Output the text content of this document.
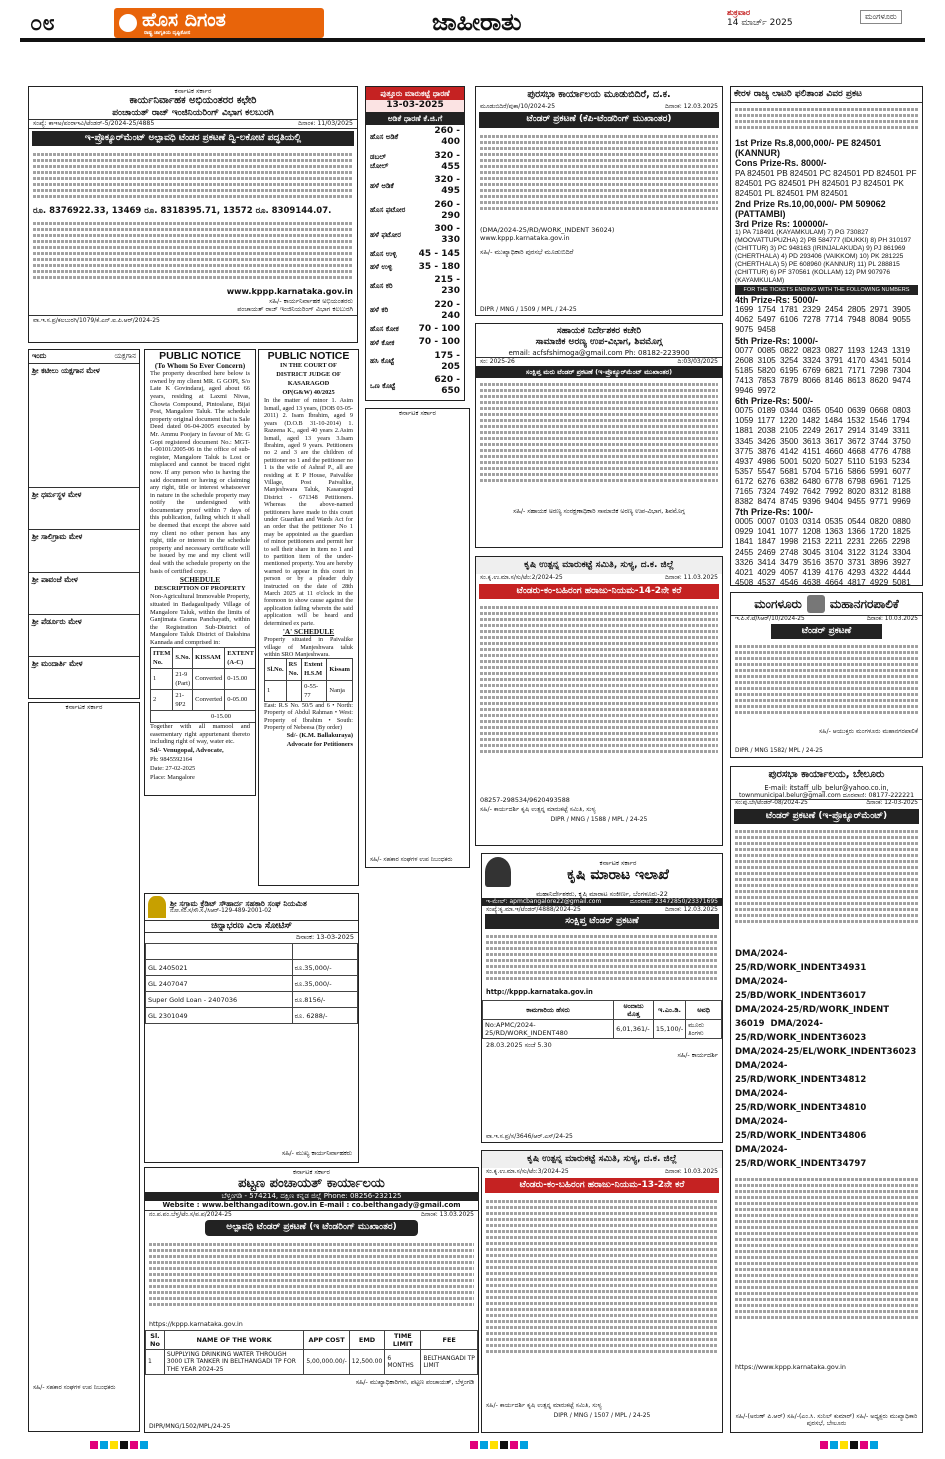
೦೮	ಹೊಸ ದಿಗಂತ
ರಾಷ್ಟ್ರ ಜಾಗೃತಿಯ ದೃಷ್ಟಿಕೋನ	ಜಾಹೀರಾತು	ಶುಕ್ರವಾರ
14 ಮಾರ್ಚ್ 2025
ಮಂಗಳೂರು
ಕರ್ನಾಟಕ ಸರ್ಕಾರ
ಕಾರ್ಯನಿರ್ವಾಹಕ ಅಭಿಯಂತರರ ಕಛೇರಿ
ಪಂಚಾಯತ್ ರಾಜ್ ಇಂಜಿನಿಯರಿಂಗ್ ವಿಭಾಗ ಕಲಬುರಗಿ
ಸಂಖ್ಯೆ: ಕಾಇಅ/ಪಂರಾಇವಿ/ಟೆಂಡರ್-5/2024-25/4885	ದಿನಾಂಕ: 11/03/2025
ಇ-ಪ್ರೊಕ್ಯೂರ್‌ಮೆಂಟ್ ಅಲ್ಪಾವಧಿ ಟೆಂಡರ ಪ್ರಕಟಣೆ ದ್ವಿ-ಲಕೋಟೆ ಪದ್ಧತಿಯಲ್ಲಿ
ರೂ. 8376922.33, 13469 ರೂ. 8318395.71, 13572 ರೂ. 8309144.07.
www.kppp.karnataka.gov.in
ಸಹಿ/- ಕಾರ್ಯನಿರ್ವಾಹಕ ಅಭಿಯಂತರರು
ಪಂಚಾಯತ್ ರಾಜ್ ಇಂಜಿನಿಯರಿಂಗ್ ವಿಭಾಗ ಕಲಬುರಗಿ
ವಾ.ಇ.ಸ.ಪ್ರ/ಕಲಬುರಗಿ/1079/ಕೆ.ಎನ್.ಐ.ಪಿ.ಆರ್/2024-25
ಪುತ್ತೂರು ಮಾರುಕಟ್ಟೆ ಧಾರಣೆ
13-03-2025
ಅಡಿಕೆ ಧಾರಣೆ ಕೆ.ಜಿ.ಗೆ
ಹೊಸ ಅಡಿಕೆ	260 - 400
ಡಬಲ್ ಚೋಲ್	320 - 455
ಹಳೆ ಅಡಿಕೆ	320 - 495
ಹೊಸ ಫಟೋರ	260 - 290
ಹಳೆ ಫಟೋರ	300 - 330
ಹೊಸ ಉಳ್ಳಿ	45 - 145
ಹಳೆ ಉಳ್ಳಿ	35 - 180
ಹೊಸ ಕರಿ	215 - 230
ಹಳೆ ಕರಿ	220 - 240
ಹೊಸ ಕೋಕ	70 - 100
ಹಳೆ ಕೋಕ	70 - 100
ಹಸಿ ಕೊಟ್ಟೆ	175 - 205
ಒಣ ಕೊಟ್ಟೆ	620 - 650

ಪುರಸಭಾ ಕಾರ್ಯಾಲಯ ಮೂಡುಬಿದಿರೆ, ದ.ಕ.
ಮೂಡುಬಿದಿರೆ/ಪುಕಾ/10/2024-25	ದಿನಾಂಕ: 12.03.2025
ಟೆಂಡರ್ ಪ್ರಕಟಣೆ (ಕೆಪಿ-ಟೆಂಡರಿಂಗ್ ಮುಖಾಂತರ)
(DMA/2024-25/RD/WORK_INDENT 36024)
www.kppp.karnataka.gov.in
ಸಹಿ/- ಮುಖ್ಯಾಧಿಕಾರಿ ಪುರಸಭೆ ಮೂಡುಬಿದಿರೆ
DIPR / MNG / 1509 / MPL / 24-25
ಕೇರಳ ರಾಜ್ಯ ಲಾಟರಿ ಫಲಿತಾಂಶ ವಿವರ ಪ್ರಕಟ
1st Prize Rs.8,000,000/- PE 824501 (KANNUR)
Cons Prize-Rs. 8000/-
PA 824501 PB 824501 PC 824501 PD 824501 PF 824501 PG 824501 PH 824501 PJ 824501 PK 824501 PL 824501 PM 824501
2nd Prize Rs.10,00,000/- PM 509062 (PATTAMBI)
3rd Prize Rs: 100000/-
1) PA 718491 (KAYAMKULAM) 7) PG 730827 (MOOVATTUPUZHA) 2) PB 584777 (IDUKKI) 8) PH 310197 (CHITTUR) 3) PC 948163 (IRINJALAKUDA) 9) PJ 861969 (CHERTHALA) 4) PD 293406 (VAIKKOM) 10) PK 281225 (CHERTHALA) 5) PE 608960 (KANNUR) 11) PL 288815 (CHITTUR) 6) PF 370561 (KOLLAM) 12) PM 907976 (KAYAMKULAM)
FOR THE TICKETS ENDING WITH THE FOLLOWING NUMBERS
4th Prize-Rs: 5000/-
1699 1754 1781 2329 2454 2805 2971 3905 4062 5497 6106 7278 7714 7948 8084 9055 9075 9458
5th Prize-Rs: 1000/-
0077 0085 0822 0823 0827 1193 1243 1319 2608 3105 3254 3324 3791 4170 4341 5014 5185 5820 6195 6769 6821 7171 7298 7304 7413 7853 7879 8066 8146 8613 8620 9474 9946 9972
6th Prize-Rs: 500/-
0075 0189 0344 0365 0540 0639 0668 0803 1059 1177 1220 1482 1484 1532 1546 1794 1881 2038 2105 2249 2617 2914 3149 3311 3345 3426 3500 3613 3617 3672 3744 3750 3775 3876 4142 4151 4660 4668 4776 4788 4937 4986 5001 5020 5027 5110 5193 5234 5357 5547 5681 5704 5716 5866 5991 6077 6172 6276 6382 6480 6778 6798 6961 7125 7165 7324 7492 7642 7992 8020 8312 8188 8382 8474 8745 9396 9404 9455 9771 9969
7th Prize-Rs: 100/-
0005 0007 0103 0314 0535 0544 0820 0880 0929 1041 1077 1208 1363 1366 1720 1825 1841 1847 1998 2153 2211 2231 2265 2298 2455 2469 2748 3045 3104 3122 3124 3304 3326 3414 3479 3516 3570 3731 3896 3927 4021 4029 4057 4139 4176 4293 4322 4444 4508 4537 4546 4638 4664 4817 4929 5081
ಇಂದು	ಯಕ್ಷಗಾನ
ಶ್ರೀ ಕಟೀಲು ಯಕ್ಷಗಾನ ಮೇಳ
ಶ್ರೀ ಧರ್ಮಸ್ಥಳ ಮೇಳ
ಶ್ರೀ ಸಾಲಿಗ್ರಾಮ ಮೇಳ
ಶ್ರೀ ಪಾವಂಜೆ ಮೇಳ
ಶ್ರೀ ಪೆರ್ಡೂರು ಮೇಳ
ಶ್ರೀ ಮಂದಾರ್ತಿ ಮೇಳ
PUBLIC NOTICE
(To Whom So Ever Concern)
The property described here below is owned by my client MR. G GOPI, S/o Late K Govindaraj, aged about 66 years, residing at Laxmi Nivas, Chowta Compound, Pintoslane, Bijai Post, Mangalore Taluk. The schedule property original document that is Sale Deed dated 06-04-2005 executed by Mr. Ammu Poojary in favour of Mr. G Gopi registered document No.: MGT-1-00101/2005-06 in the office of sub-register, Mangalore Taluk is Lost or misplaced and cannot be traced right now. If any person who is having the said document or having or claiming any right, title or interest whatsoever in nature in the schedule property may notify the undersigned with documentary proof within 7 days of this publication, failing which it shall be deemed that except the above said my client no other person has any right, title or interest in the schedule property and necessary certificate will be issued by me and my client will deal with the schedule property on the basis of certified copy.
SCHEDULE
DESCRIPTION OF PROPERTY
Non-Agricultural Immovable Property, situated in Badagaulipady Village of Mangalore Taluk, within the limits of Ganjimata Grama Panchayath, within the Registration Sub-District of Mangalore Taluk District of Dakshina Kannada and comprised in:
ITEM No.	S.No.	KISSAM	EXTENT (A-C)	
1	21-9 (Part)	Converted	0-15.00	
2	21-9P2	Converted	0-05.00	
0-15.00				
Together with all mamool and easementary right appurtenant thereto including right of way, water etc.
Sd/- Venugopal, Advocate,
Ph: 9845592164
Date: 27-02-2025
Place: Mangalore
PUBLIC NOTICE
IN THE COURT OF DISTRICT JUDGE OF KASARAGOD
OP(G&W) 40/2025
In the matter of minor 1. Asim Ismail, aged 13 years, (DOB 03-05-2011) 2. Isam Ibrahim, aged 9 years (D.O.B 31-10-2014) 1. Razeena K., aged 40 years 2.Asim Ismail, aged 13 years 3.Isam Ibrahim, aged 9 years. Petitioners no 2 and 3 are the children of petitioner no 1 and the petitioner no 1 is the wife of Ashraf P., all are residing at E P House, Paivalike Village, Post Paivalike, Manjeshwara Taluk, Kasaragod District - 671348 Petitioners. Whereas the above-named petitioners have made to this court under Guardian and Wards Act for an order that the petitioner No 1 may be appointed as the guardian of minor petitioners and permit her to sell their share in item no 1 and to partition item of the under-mentioned property. You are hereby warned to appear in this court in person or by a pleader duly instructed on the date of 28th March 2025 at 11 o'clock in the forenoon to show cause against the application failing wherein the said application will be heard and determined ex parte.
'A' SCHEDULE
Property situated in Paivalike village of Manjeshwara taluk within SRO Manjeshwara.
Sl.No.	RS No.	Extent H.S.M	Kissam
1		0-55-77	Nanja
East: R.S No. 50/5 and 6 • North: Property of Abdul Rahman • West: Property of Ibrahim • South: Property of Nebeesa (By order)
Sd/- (K.M. Ballakuraya) Advocate for Petitioners
ಕರ್ನಾಟಕ ಸರ್ಕಾರ
ಸಹಿ/- ಸಹಕಾರ ಸಂಘಗಳ ಉಪ ನಿಬಂಧಕರು
ಕರ್ನಾಟಕ ಸರ್ಕಾರ
ಸಹಿ/- ಸಹಕಾರ ಸಂಘಗಳ ಉಪ ನಿಬಂಧಕರು
ಸಹಾಯಕ ನಿರ್ದೇಶಕರ ಕಚೇರಿ
ಸಾಮಾಜಿಕ ಅರಣ್ಯ ಉಪ-ವಿಭಾಗ, ಶಿವಮೊಗ್ಗ
email: acfsfshimoga@gmail.com Ph: 08182-223900
ಸಂ: 2025-26	ದಿ:03/03/2025
ಸಂಕ್ಷಿಪ್ತ ಮರು ಟೆಂಡರ್ ಪ್ರಕಟಣೆ (ಇ-ಪ್ರೊಕ್ಯೂರ್‌ಮೆಂಟ್ ಮುಖಾಂತರ)
ಸಹಿ/- ಸಹಾಯಕ ಅರಣ್ಯ ಸಂರಕ್ಷಣಾಧಿಕಾರಿ ಸಾಮಾಜಿಕ ಅರಣ್ಯ ಉಪ-ವಿಭಾಗ, ಶಿವಮೊಗ್ಗ
ಕೃಷಿ ಉತ್ಪನ್ನ ಮಾರುಕಟ್ಟೆ ಸಮಿತಿ, ಸುಳ್ಯ, ದ.ಕ. ಜಿಲ್ಲೆ
ಸಂ.ಕೃ.ಉ.ಮಾ.ಸ/ಸು/ಟೆಂ:2/2024-25	ದಿನಾಂಕ: 11.03.2025
ಟೆಂಡರು-ಕಂ-ಬಹಿರಂಗ ಹರಾಜು-ನಿಯಮ-14-2ನೇ ಕರೆ
08257-298534/9620493588
ಸಹಿ/- ಕಾರ್ಯದರ್ಶಿ ಕೃಷಿ ಉತ್ಪನ್ನ ಮಾರುಕಟ್ಟೆ ಸಮಿತಿ, ಸುಳ್ಯ
DIPR / MNG / 1588 / MPL / 24-25
ಶ್ರೀ ಸಗ್ರಾಮ ಕ್ರೆಡಿಟ್ ಸೌಹಾರ್ದ ಸಹಕಾರಿ ಸಂಘ ನಿಯಮಿತ
ನೋ.ಸಂ.ಸ/ಸೌ.ಸ./ಸಿಆರ್-129-489-2001-02
ಚಿನ್ನಾಭರಣ ವಿಲಾ ಸೋಟಿಸ್
ದಿನಾಂಕ: 13-03-2025

GL 2405021	ರೂ.35,000/-
GL 2407047	ರೂ.35,000/-
Super Gold Loan - 2407036	ರೂ.8156/-
GL 2301049	ರೂ. 6288/-
ಸಹಿ/- ಮುಖ್ಯ ಕಾರ್ಯನಿರ್ವಾಹಕರು
ಕರ್ನಾಟಕ ಸರ್ಕಾರ
ಪಟ್ಟಣ ಪಂಚಾಯತ್ ಕಾರ್ಯಾಲಯ
ಬೆಳ್ತಂಗಡಿ - 574214, ದಕ್ಷಿಣ ಕನ್ನಡ ಜಿಲ್ಲೆ Phone: 08256-232125
Website : www.belthangaditown.gov.in E-mail : co.belthangady@gmail.com
ನಂ.ಪ.ಪಂ.ಬೆಳ್ತ/ಟೆಂ.ಸ/ಪ.ಪ/2024-25	ದಿನಾಂಕ: 13.03.2025
ಅಲ್ಪಾವಧಿ ಟೆಂಡರ್ ಪ್ರಕಟಣೆ (ಇ ಟೆಂಡರಿಂಗ್ ಮುಖಾಂತರ)
https://kppp.karnataka.gov.in
Sl. No	NAME OF THE WORK	APP COST	EMD	TIME LIMIT	FEE
1	SUPPLYING DRINKING WATER THROUGH 3000 LTR TANKER IN BELTHANGADI TP FOR THE YEAR 2024-25	5,00,000.00/-	12,500.00	6 MONTHS	BELTHANGADI TP LIMIT
ಸಹಿ/- ಮುಖ್ಯಾಧಿಕಾರಿಗಳು, ಪಟ್ಟಣ ಪಂಚಾಯತ್, ಬೆಳ್ತಂಗಡಿ
DIPR/MNG/1502/MPL/24-25
ಕರ್ನಾಟಕ ಸರ್ಕಾರ
ಕೃಷಿ ಮಾರಾಟ ಇಲಾಖೆ
ಮಹಾನಿರ್ದೇಶಕರು, ಕೃಷಿ ಮಾರಾಟ ಸಂಕೀರ್ಣ, ಬೆಂಗಳೂರು-22
ಇ-ಮೇಲ್: apmcbangalore22@gmail.com	ದೂರವಾಣಿ: 23472850/23371695
ಸಂಖ್ಯೆ:ಕೃ.ಮಾ.ಇ/ಟೆಂಡ‌ರ್/4888/2024-25	ದಿನಾಂಕ: 12.03.2025
ಸಂಕ್ಷಿಪ್ತ ಟೆಂಡರ್ ಪ್ರಕಟಣೆ
http://kppp.karnataka.gov.in
ಕಾಮಗಾರಿಯ ಹೆಸರು	ಅಂದಾಜು ಮೊತ್ತ	ಇ.ಎಂ.ಡಿ.	ಅವಧಿ
No:APMC/2024-25/RD/WORK_INDENT480	6,01,361/-	15,100/-	ಮೂರು ತಿಂಗಳು
28.03.2025 ಸಂಜೆ 5.30
ಸಹಿ/- ಕಾರ್ಯದರ್ಶಿ
ವಾ.ಇ.ಸ.ಪ್ರ/ಸ/3646/ಆರ್.ಎಸ್/24-25
ಕೃಷಿ ಉತ್ಪನ್ನ ಮಾರುಕಟ್ಟೆ ಸಮಿತಿ, ಸುಳ್ಯ, ದ.ಕ. ಜಿಲ್ಲೆ
ಸಂ.ಕೃ.ಉ.ಮಾ.ಸ/ಸು/ಟೆಂ:3/2024-25	ದಿನಾಂಕ: 10.03.2025
ಟೆಂಡರು-ಕಂ-ಬಹಿರಂಗ ಹರಾಜು-ನಿಯಮ-13-2ನೇ ಕರೆ
ಸಹಿ/- ಕಾರ್ಯದರ್ಶಿ ಕೃಷಿ ಉತ್ಪನ್ನ ಮಾರುಕಟ್ಟೆ ಸಮಿತಿ, ಸುಳ್ಯ
DIPR / MNG / 1507 / MPL / 24-25
ಮಂಗಳೂರು ಮಹಾನಗರಪಾಲಿಕೆ
ಇ.ಪಿ.ಸೆ.ಟೆ/ಸಿಆರ್/10/2024-25	ದಿನಾಂಕ: 10.03.2025
ಟೆಂಡರ್ ಪ್ರಕಟಣೆ
ಸಹಿ/- ಆಯುಕ್ತರು ಮಂಗಳೂರು ಮಹಾನಗರಪಾಲಿಕೆ
DIPR / MNG 1582/ MPL / 24-25
ಪುರಸಭಾ ಕಾರ್ಯಾಲಯ, ಬೇಲೂರು
E-mail: itstaff_ulb_belur@yahoo.co.in,
townmunicipal.belur@gmail.com ದೂರವಾಣಿ: 08177-222221
ಸಂ:ಪು.ಬೇ/ಟೆಂಡ‌ರ್-08/2024-25	ದಿನಾಂಕ: 12-03-2025
ಟೆಂಡರ್ ಪ್ರಕಟಣೆ (ಇ-ಪ್ರೊಕ್ಯೂರ್‌ಮೆಂಟ್)
DMA/2024-25/RD/WORK_INDENT34931 DMA/2024-25/BD/WORK_INDENT36017 DMA/2024-25/RD/WORK_INDENT 36019 DMA/2024-25/RD/WORK_INDENT36023 DMA/2024-25/EL/WORK_INDENT36023 DMA/2024-25/RD/WORK_INDENT34812 DMA/2024-25/RD/WORK_INDENT34810 DMA/2024-25/RD/WORK_INDENT34806 DMA/2024-25/RD/WORK_INDENT34797
https://www.kppp.karnataka.gov.in
ಸಹಿ/-(ಅರುಣ್ ಪಿ.ಆರ್) ಸಹಿ/-(ಎಂ.ಸಿ. ಸುನಿಲ್ ಕುಮಾರ್) ಸಹಿ/- ಅಧ್ಯಕ್ಷರು ಮುಖ್ಯಾಧಿಕಾರಿ ಪುರಸಭೆ, ಬೇಲೂರು
